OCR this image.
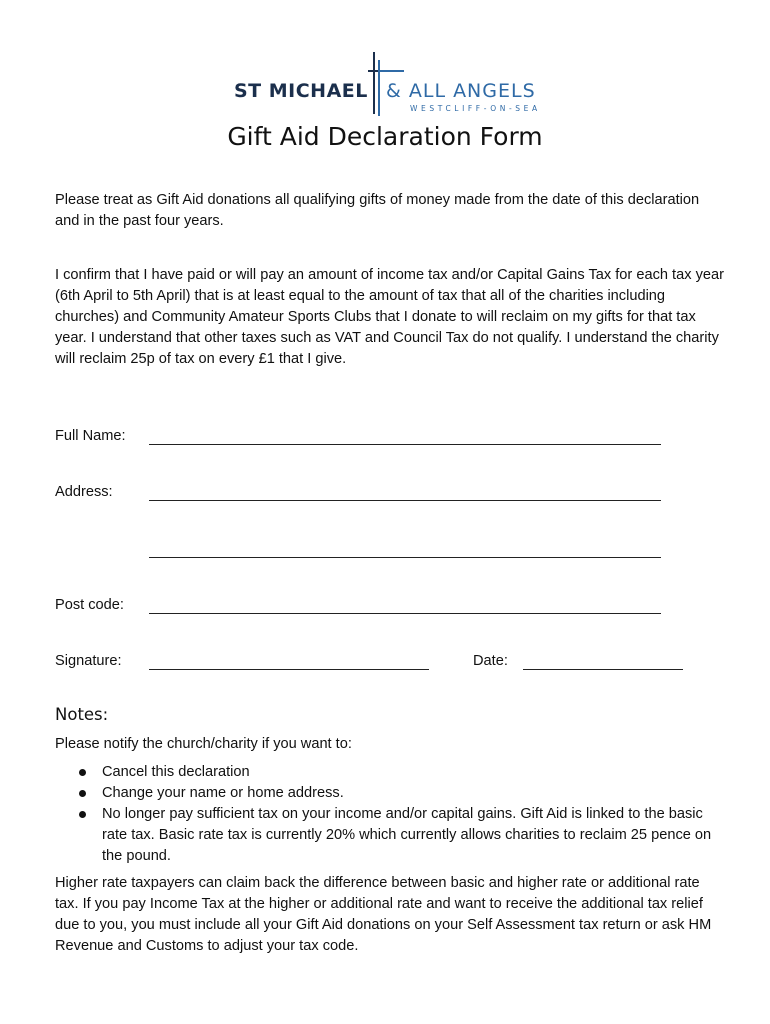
ST MICHAEL & ALL ANGELS
WESTCLIFF-ON-SEA
Gift Aid Declaration Form

Please treat as Gift Aid donations all qualifying gifts of money made from the date of this declaration and in the past four years.

I confirm that I have paid or will pay an amount of income tax and/or Capital Gains Tax for each tax year (6th April to 5th April) that is at least equal to the amount of tax that all of the charities including churches) and Community Amateur Sports Clubs that I donate to will reclaim on my gifts for that tax year. I understand that other taxes such as VAT and Council Tax do not qualify. I understand the charity will reclaim 25p of tax on every £1 that I give.

Full Name:
Address:
Post code:
Signature:	Date:
Notes:

Please notify the church/charity if you want to:

Cancel this declaration
Change your name or home address.
No longer pay sufficient tax on your income and/or capital gains. Gift Aid is linked to the basic rate tax. Basic rate tax is currently 20% which currently allows charities to reclaim 25 pence on the pound.

Higher rate taxpayers can claim back the difference between basic and higher rate or additional rate tax. If you pay Income Tax at the higher or additional rate and want to receive the additional tax relief due to you, you must include all your Gift Aid donations on your Self Assessment tax return or ask HM Revenue and Customs to adjust your tax code.
